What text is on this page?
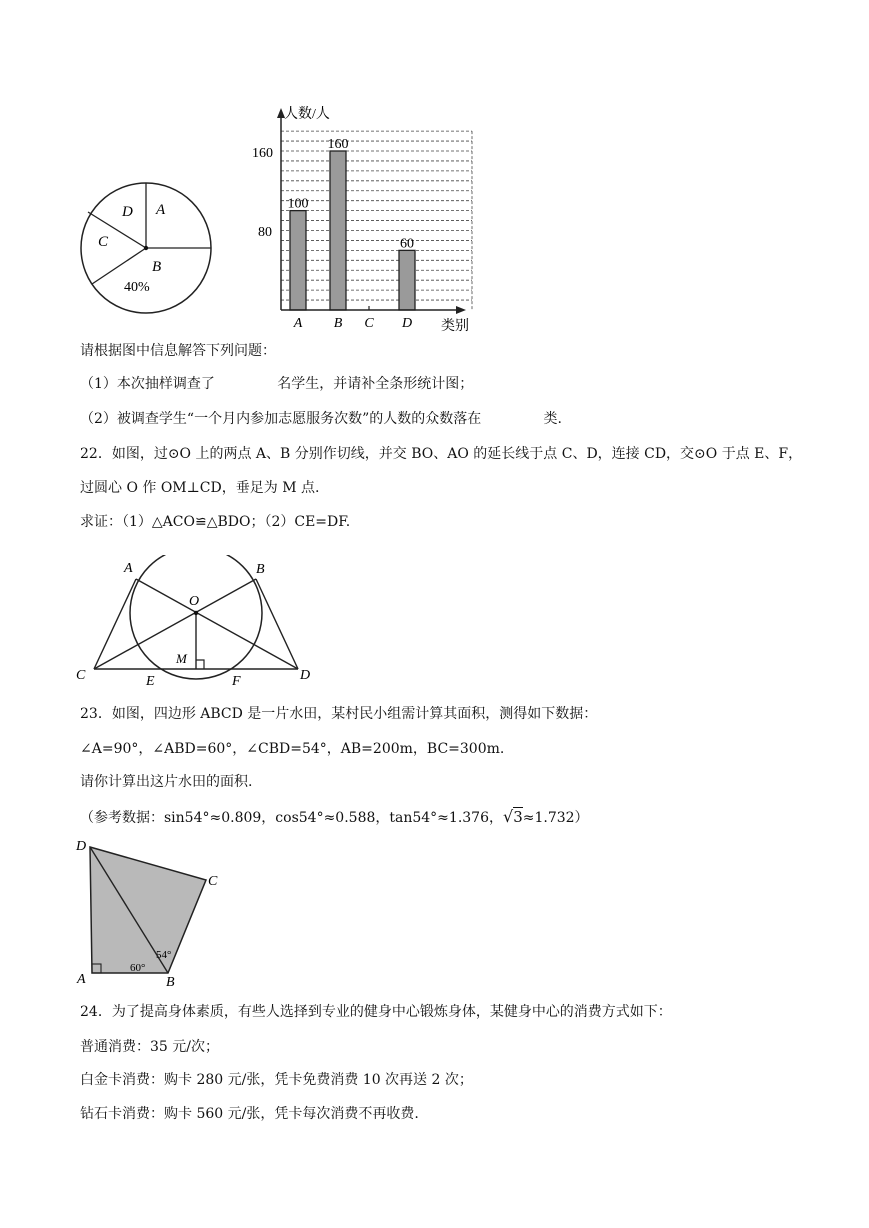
A
B
C
D
40%
100
A
160
B C
60
D
人数/人
类别
160
80
请根据图中信息解答下列问题：
（1）本次抽样调查了              名学生，并请补全条形统计图；
（2）被调查学生“一个月内参加志愿服务次数”的人数的众数落在              类.
22．如图，过⊙O 上的两点 A、B 分别作切线，并交 BO、AO 的延长线于点 C、D，连接 CD，交⊙O 于点 E、F，
过圆心 O 作 OM⊥CD，垂足为 M 点.
求证：（1）△ACO≌△BDO；（2）CE=DF.
A	B
O
C	D
E	F
M
23．如图，四边形 ABCD 是一片水田，某村民小组需计算其面积，测得如下数据：
∠A=90°，∠ABD=60°，∠CBD=54°，AB=200m，BC=300m.
请你计算出这片水田的面积.
（参考数据：sin54°≈0.809，cos54°≈0.588，tan54°≈1.376，√3≈1.732）
D
C
A	B
60°
54°
24．为了提高身体素质，有些人选择到专业的健身中心锻炼身体，某健身中心的消费方式如下：
普通消费：35 元/次；
白金卡消费：购卡 280 元/张，凭卡免费消费 10 次再送 2 次；
钻石卡消费：购卡 560 元/张，凭卡每次消费不再收费.
